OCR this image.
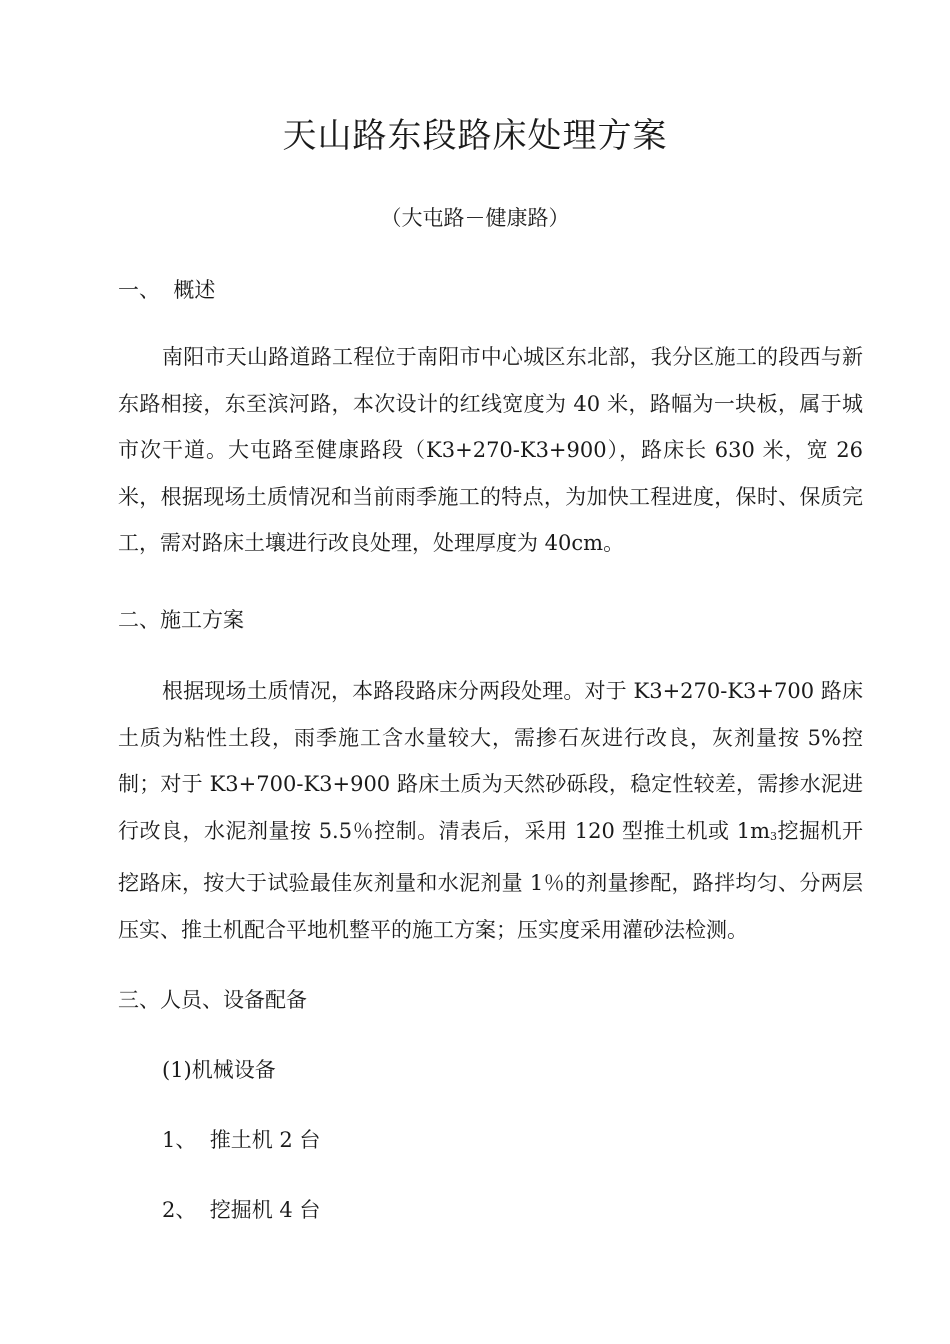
天山路东段路床处理方案
（大屯路－健康路）
一、  概述
南阳市天山路道路工程位于南阳市中心城区东北部，我分区施工的段西与新东路相接，东至滨河路，本次设计的红线宽度为 40 米，路幅为一块板，属于城市次干道。大屯路至健康路段（K3+270-K3+900），路床长 630 米，宽 26 米，根据现场土质情况和当前雨季施工的特点，为加快工程进度，保时、保质完工，需对路床土壤进行改良处理，处理厚度为 40cm。
二、施工方案
根据现场土质情况，本路段路床分两段处理。对于 K3+270-K3+700 路床土质为粘性土段，雨季施工含水量较大，需掺石灰进行改良，灰剂量按 5%控制；对于 K3+700-K3+900 路床土质为天然砂砾段，稳定性较差，需掺水泥进行改良，水泥剂量按 5.5％控制。清表后，采用 120 型推土机或 1m3挖掘机开挖路床，按大于试验最佳灰剂量和水泥剂量 1％的剂量掺配，路拌均匀、分两层压实、推土机配合平地机整平的施工方案；压实度采用灌砂法检测。
三、人员、设备配备
(1)机械设备
1、  推土机 2 台
2、  挖掘机 4 台
